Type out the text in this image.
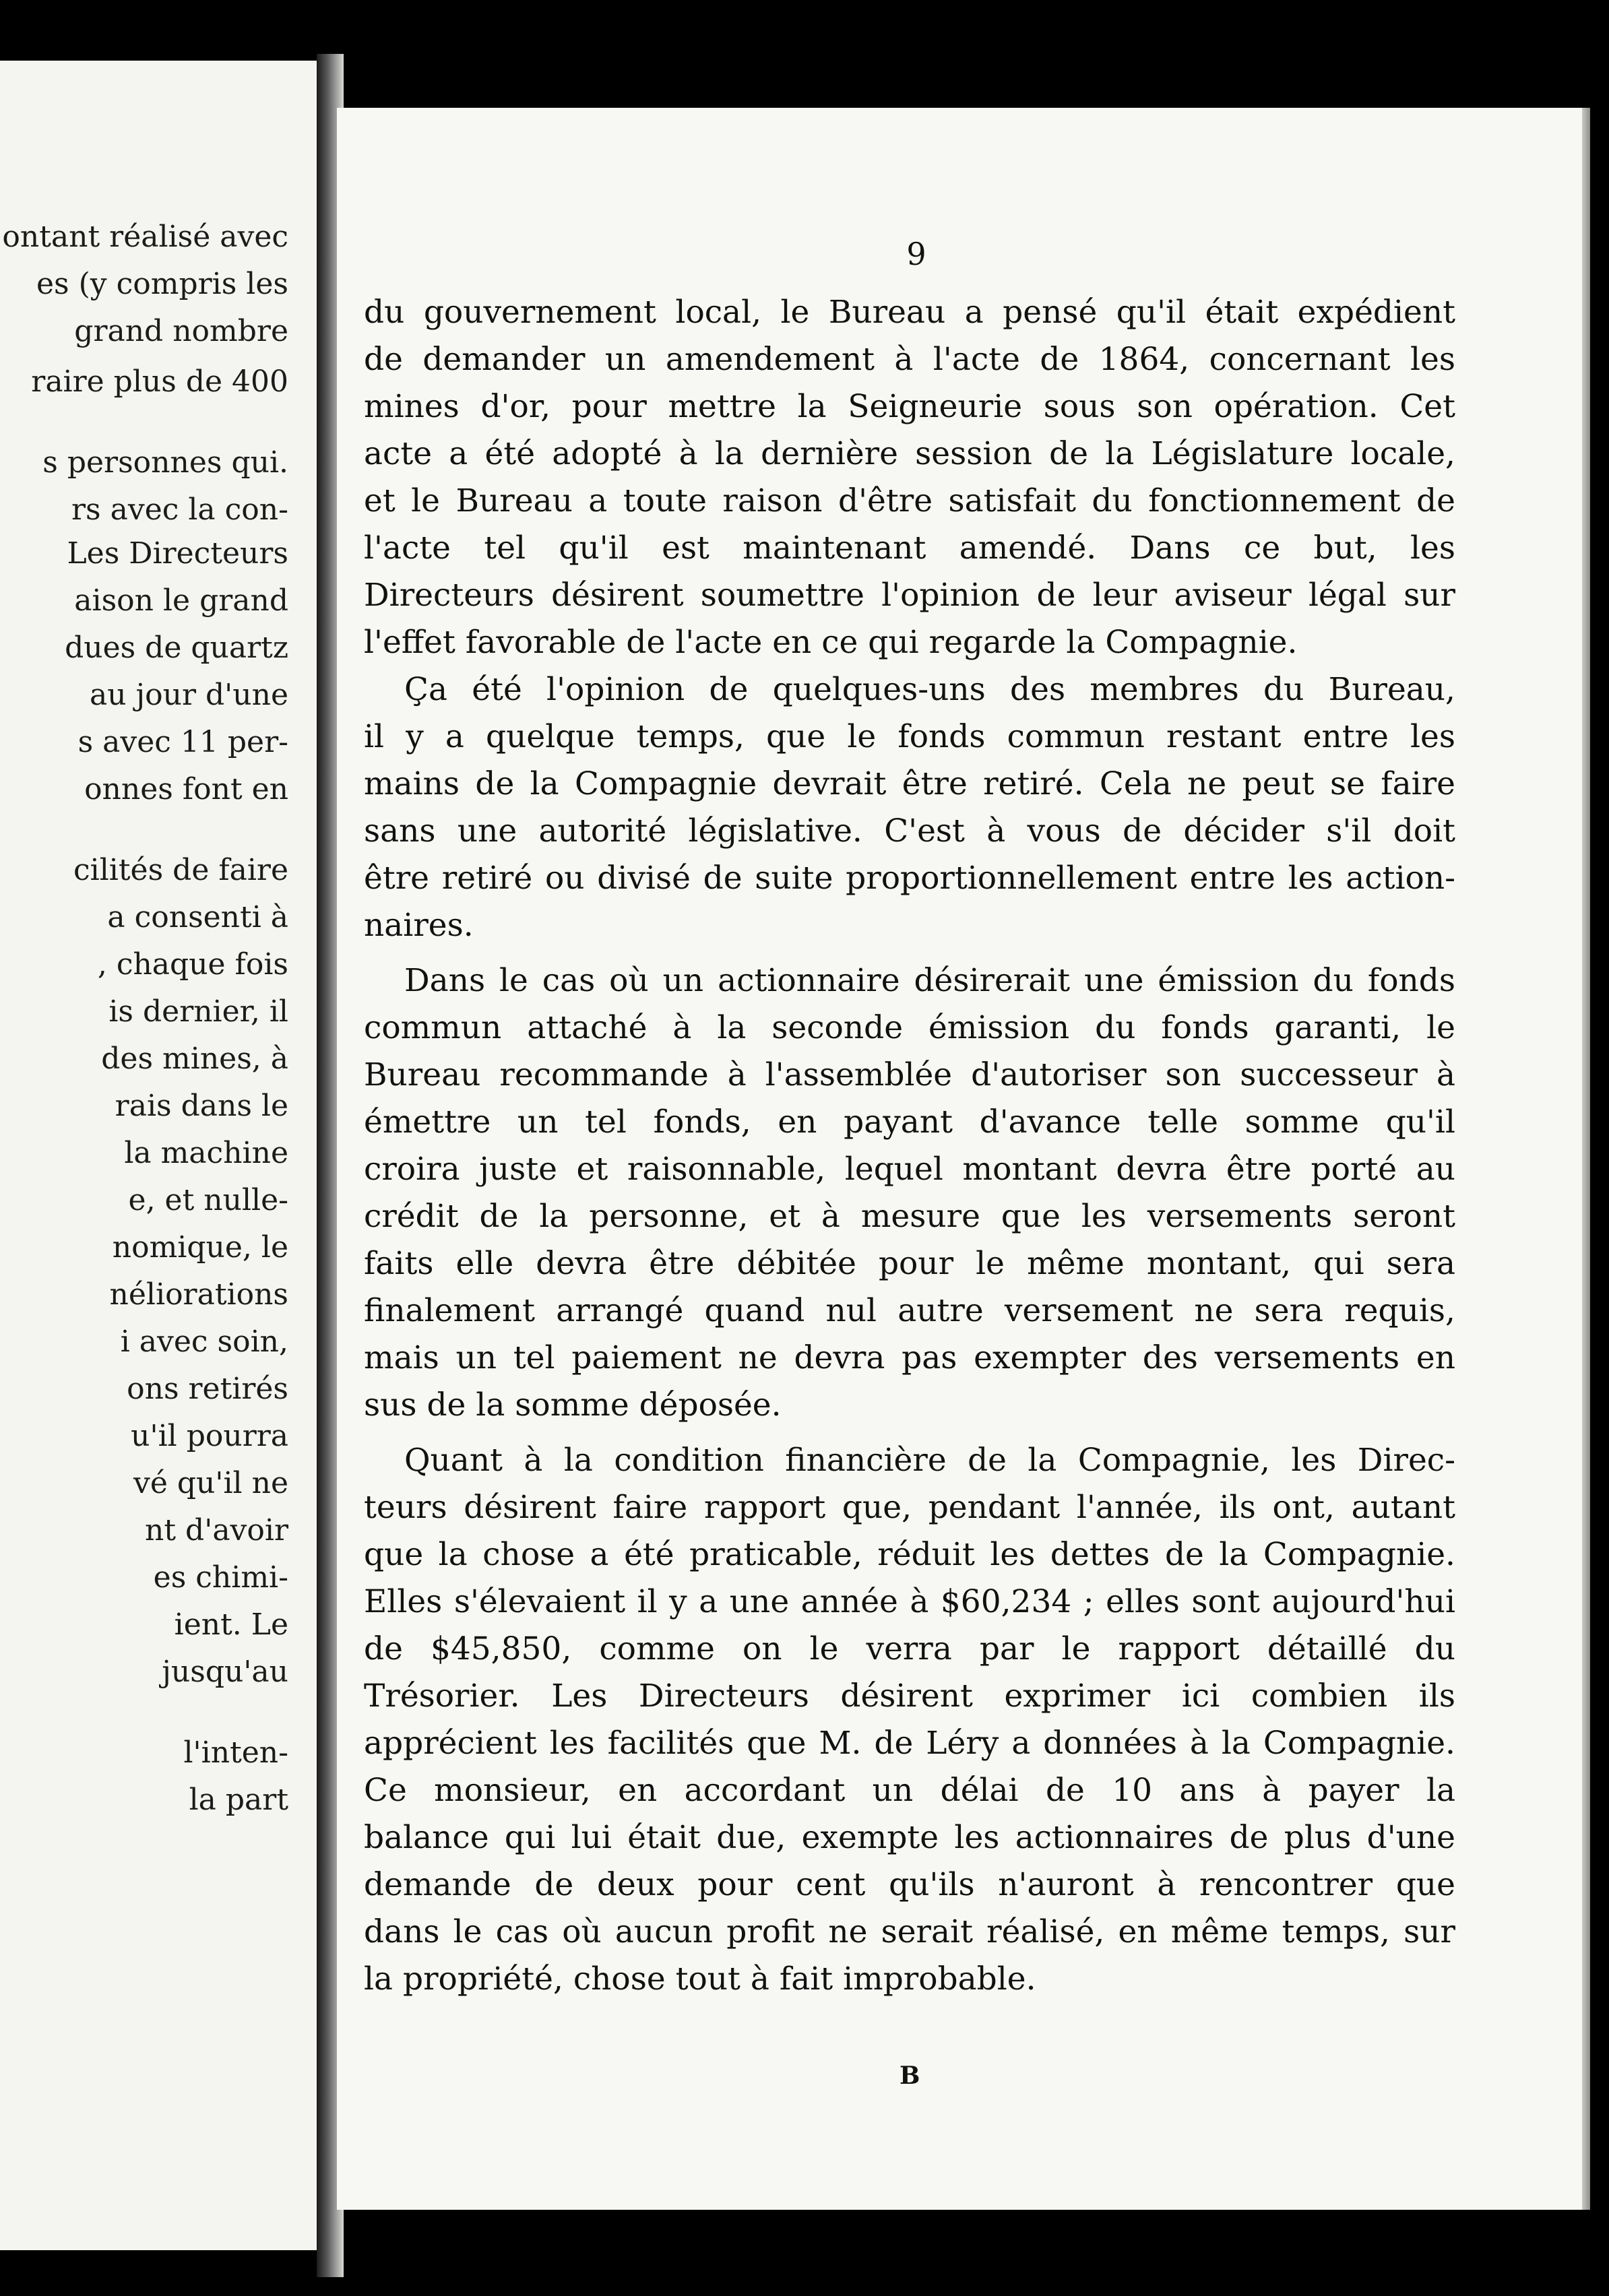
ontant réalisé avec
es (y compris les
grand nombre
raire plus de 400
s personnes qui.
rs avec la con-
Les Directeurs
aison le grand
dues de quartz
au jour d'une
s avec 11 per-
onnes font en
cilités de faire
a consenti à
, chaque fois
is dernier, il
des mines, à
rais dans le
la machine
e, et nulle-
nomique, le
néliorations
i avec soin,
ons retirés
u'il pourra
vé qu'il ne
nt d'avoir
es chimi-
ient. Le
jusqu'au
l'inten-
la part
9
du gouvernement local, le Bureau a pensé qu'il était expédient
de demander un amendement à l'acte de 1864, concernant les
mines d'or, pour mettre la Seigneurie sous son opération. Cet
acte a été adopté à la dernière session de la Législature locale,
et le Bureau a toute raison d'être satisfait du fonctionnement de
l'acte tel qu'il est maintenant amendé. Dans ce but, les
Directeurs désirent soumettre l'opinion de leur aviseur légal sur
l'effet favorable de l'acte en ce qui regarde la Compagnie.
Ça été l'opinion de quelques-uns des membres du Bureau,
il y a quelque temps, que le fonds commun restant entre les
mains de la Compagnie devrait être retiré. Cela ne peut se faire
sans une autorité législative. C'est à vous de décider s'il doit
être retiré ou divisé de suite proportionnellement entre les action-
naires.
Dans le cas où un actionnaire désirerait une émission du fonds
commun attaché à la seconde émission du fonds garanti, le
Bureau recommande à l'assemblée d'autoriser son successeur à
émettre un tel fonds, en payant d'avance telle somme qu'il
croira juste et raisonnable, lequel montant devra être porté au
crédit de la personne, et à mesure que les versements seront
faits elle devra être débitée pour le même montant, qui sera
finalement arrangé quand nul autre versement ne sera requis,
mais un tel paiement ne devra pas exempter des versements en
sus de la somme déposée.
Quant à la condition financière de la Compagnie, les Direc-
teurs désirent faire rapport que, pendant l'année, ils ont, autant
que la chose a été praticable, réduit les dettes de la Compagnie.
Elles s'élevaient il y a une année à $60,234 ; elles sont aujourd'hui
de $45,850, comme on le verra par le rapport détaillé du
Trésorier. Les Directeurs désirent exprimer ici combien ils
apprécient les facilités que M. de Léry a données à la Compagnie.
Ce monsieur, en accordant un délai de 10 ans à payer la
balance qui lui était due, exempte les actionnaires de plus d'une
demande de deux pour cent qu'ils n'auront à rencontrer que
dans le cas où aucun profit ne serait réalisé, en même temps, sur
la propriété, chose tout à fait improbable.
B
